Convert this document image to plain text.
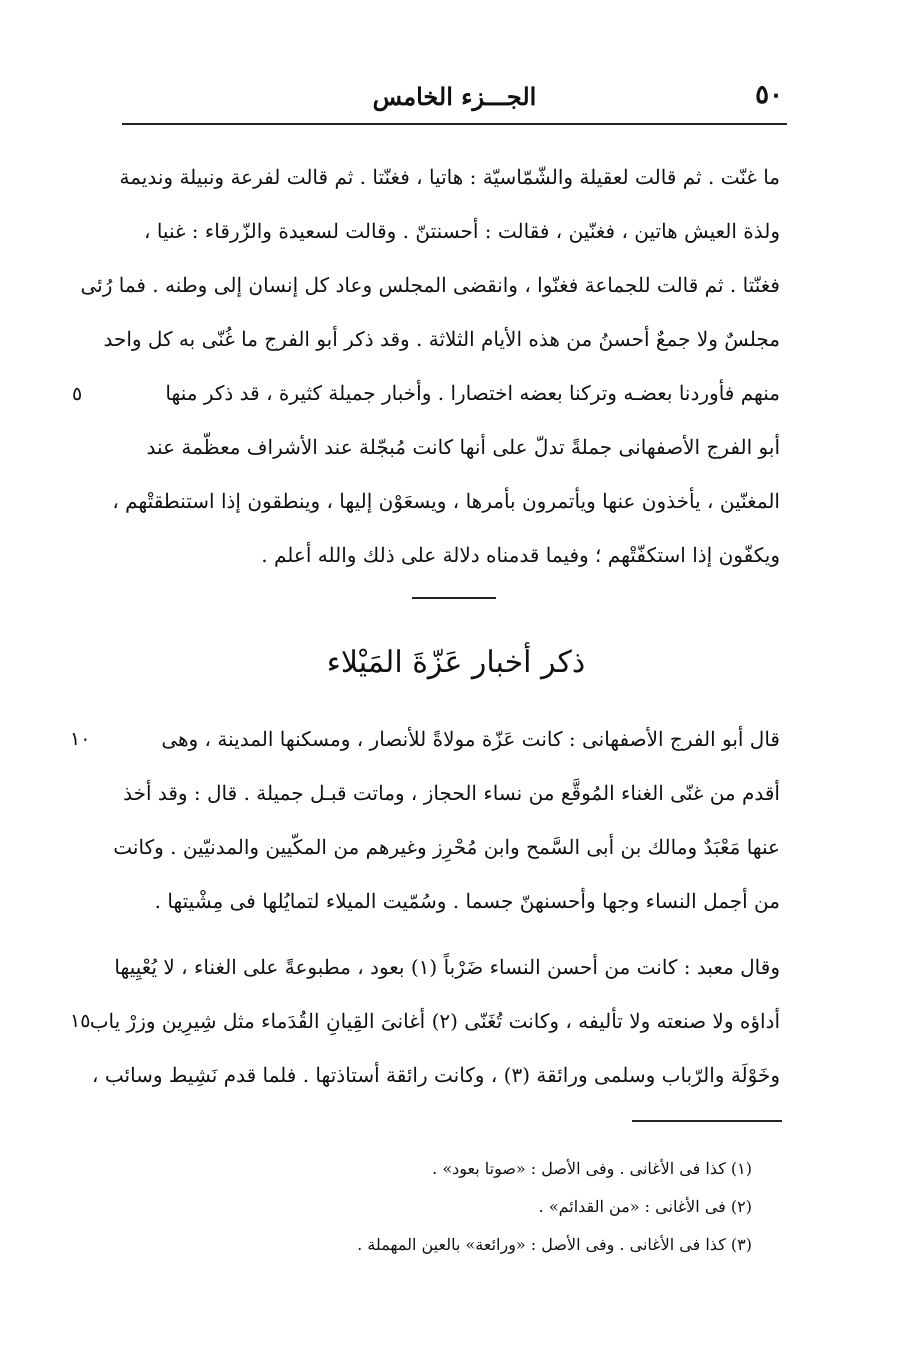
٥٠
الجـــزء الخامس
ما غنّت . ثم قالت لعقيلة والشّمّاسيّة : هاتيا ، فغنّتا . ثم قالت لفرعة ونبيلة ونديمة
ولذة العيش هاتين ، فغنّين ، فقالت : أحسنتنّ . وقالت لسعيدة والزّرقاء : غنيا ،
فغنّتا . ثم قالت للجماعة فغنّوا ، وانقضى المجلس وعاد كل إنسان إلى وطنه . فما رُئى
مجلسٌ ولا جمعٌ أحسنُ من هذه الأيام الثلاثة . وقد ذكر أبو الفرج ما غُنّى به كل واحد
منهم فأوردنا بعضـه وتركنا بعضه اختصارا . وأخبار جميلة كثيرة ، قد ذكر منها
أبو الفرج الأصفهانى جملةً تدلّ على أنها كانت مُبجّلة عند الأشراف معظّمة عند
المغنّين ، يأخذون عنها ويأتمرون بأمرها ، ويسعَوْن إليها ، وينطقون إذا استنطقتْهم ،
ويكفّون إذا استكفّتْهم ؛ وفيما قدمناه دلالة على ذلك والله أعلم .
٥
ذكر أخبار عَزّةَ المَيْلاء
قال أبو الفرج الأصفهانى : كانت عَزّة مولاةً للأنصار ، ومسكنها المدينة ، وهى
أقدم من غنّى الغناء المُوقَّع من نساء الحجاز ، وماتت قبـل جميلة . قال : وقد أخذ
عنها مَعْبَدٌ ومالك بن أبى السَّمح وابن مُحْرِز وغيرهم من المكّيين والمدنيّين . وكانت
من أجمل النساء وجها وأحسنهنّ جسما . وسُمّيت الميلاء لتمايُلها فى مِشْيتها .
١٠
وقال معبد : كانت من أحسن النساء ضَرْباً (١) بعود ، مطبوعةً على الغناء ، لا يُعْيِيها
أداؤه ولا صنعته ولا تأليفه ، وكانت تُغَنّى (٢) أغانىَ القِيانِ القُدَماء مثل شِيرِين وزرْ ياب
وخَوْلَة والرّباب وسلمى ورائقة (٣) ، وكانت رائقة أستاذتها . فلما قدم نَشِيط وسائب ،
١٥
(١) كذا فى الأغانى . وفى الأصل : «صوتا بعود» .
(٢) فى الأغانى : «من القدائم» .
(٣) كذا فى الأغانى . وفى الأصل : «ورائعة» بالعين المهملة .
